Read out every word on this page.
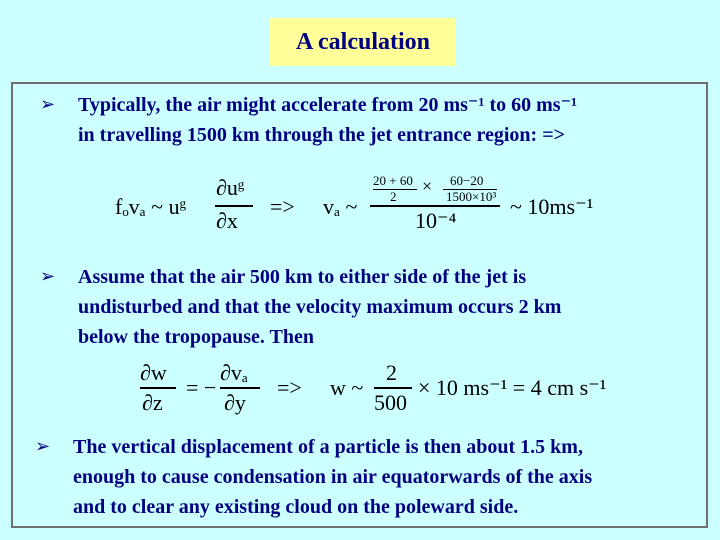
A calculation
➢ Typically, the air might accelerate from 20 ms⁻¹ to 60 ms⁻¹
in travelling 1500 km through the jet entrance region: =>
fₒvₐ ~ uᵍ
∂uᵍ
∂x
=> vₐ ~
20 + 60
2
× 60−20
1500×10³
10⁻⁴
~ 10ms⁻¹
➢ Assume that the air 500 km to either side of the jet is
undisturbed and that the velocity maximum occurs 2 km
below the tropopause. Then
∂w
∂z
= −
∂vₐ
∂y
=> w ~
2
500
× 10 ms⁻¹ = 4 cm s⁻¹
➢ The vertical displacement of a particle is then about 1.5 km,
enough to cause condensation in air equatorwards of the axis
and to clear any existing cloud on the poleward side.
